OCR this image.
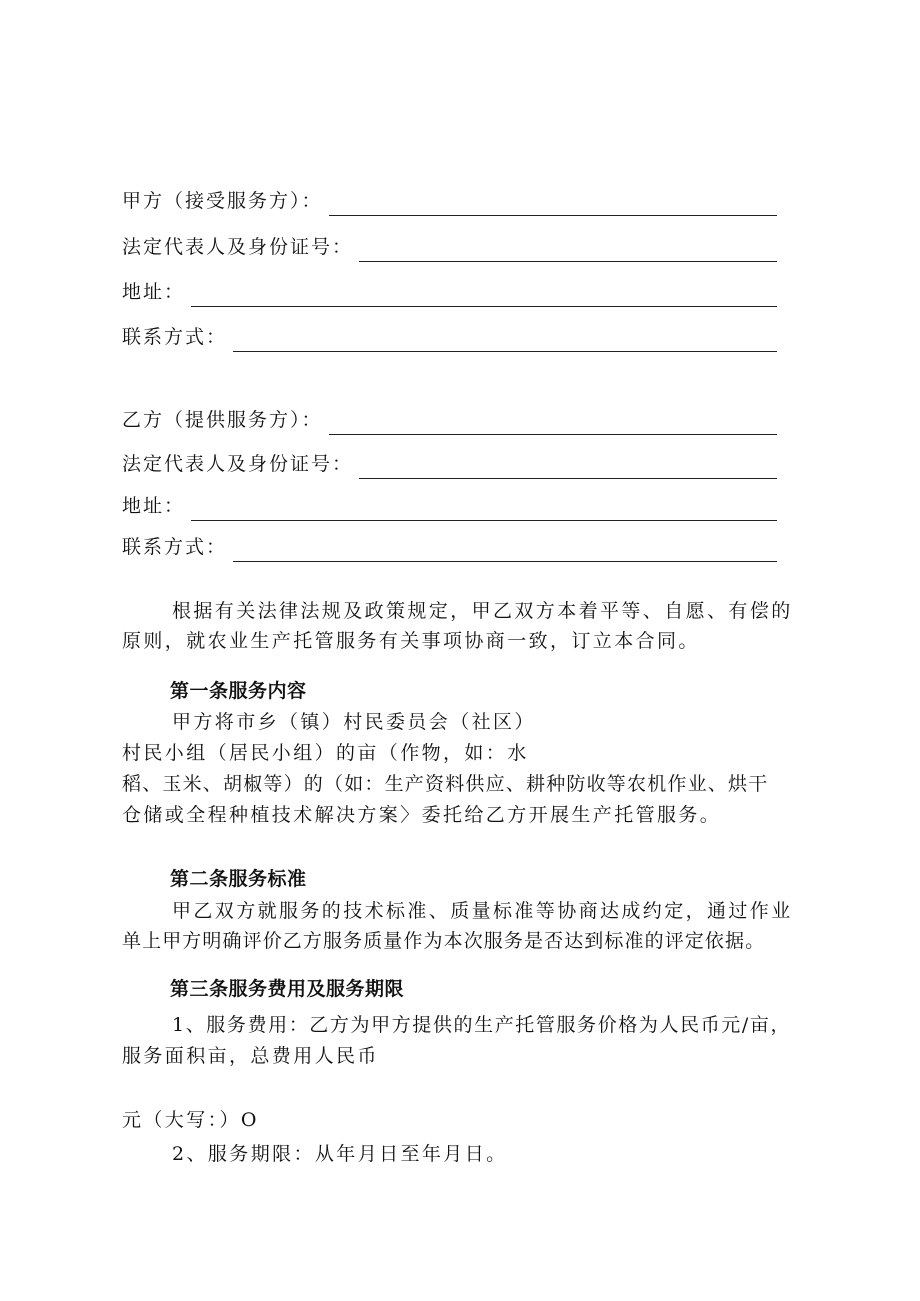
甲方（接受服务方）：
法定代表人及身份证号：
地址：
联系方式：
乙方（提供服务方）：
法定代表人及身份证号：
地址：
联系方式：
根据有关法律法规及政策规定，甲乙双方本着平等、自愿、有偿的
原则，就农业生产托管服务有关事项协商一致，订立本合同。
第一条服务内容
甲方将市乡（镇）村民委员会（社区）
村民小组（居民小组）的亩（作物，如：水
稻、玉米、胡椒等）的（如：生产资料供应、耕种防收等农机作业、烘干
仓储或全程种植技术解决方案〉委托给乙方开展生产托管服务。
第二条服务标准
甲乙双方就服务的技术标准、质量标准等协商达成约定，通过作业
单上甲方明确评价乙方服务质量作为本次服务是否达到标准的评定依据。
第三条服务费用及服务期限
1、服务费用：乙方为甲方提供的生产托管服务价格为人民币元/亩，
服务面积亩，总费用人民币
元（大写：）O
2、服务期限：从年月日至年月日。
